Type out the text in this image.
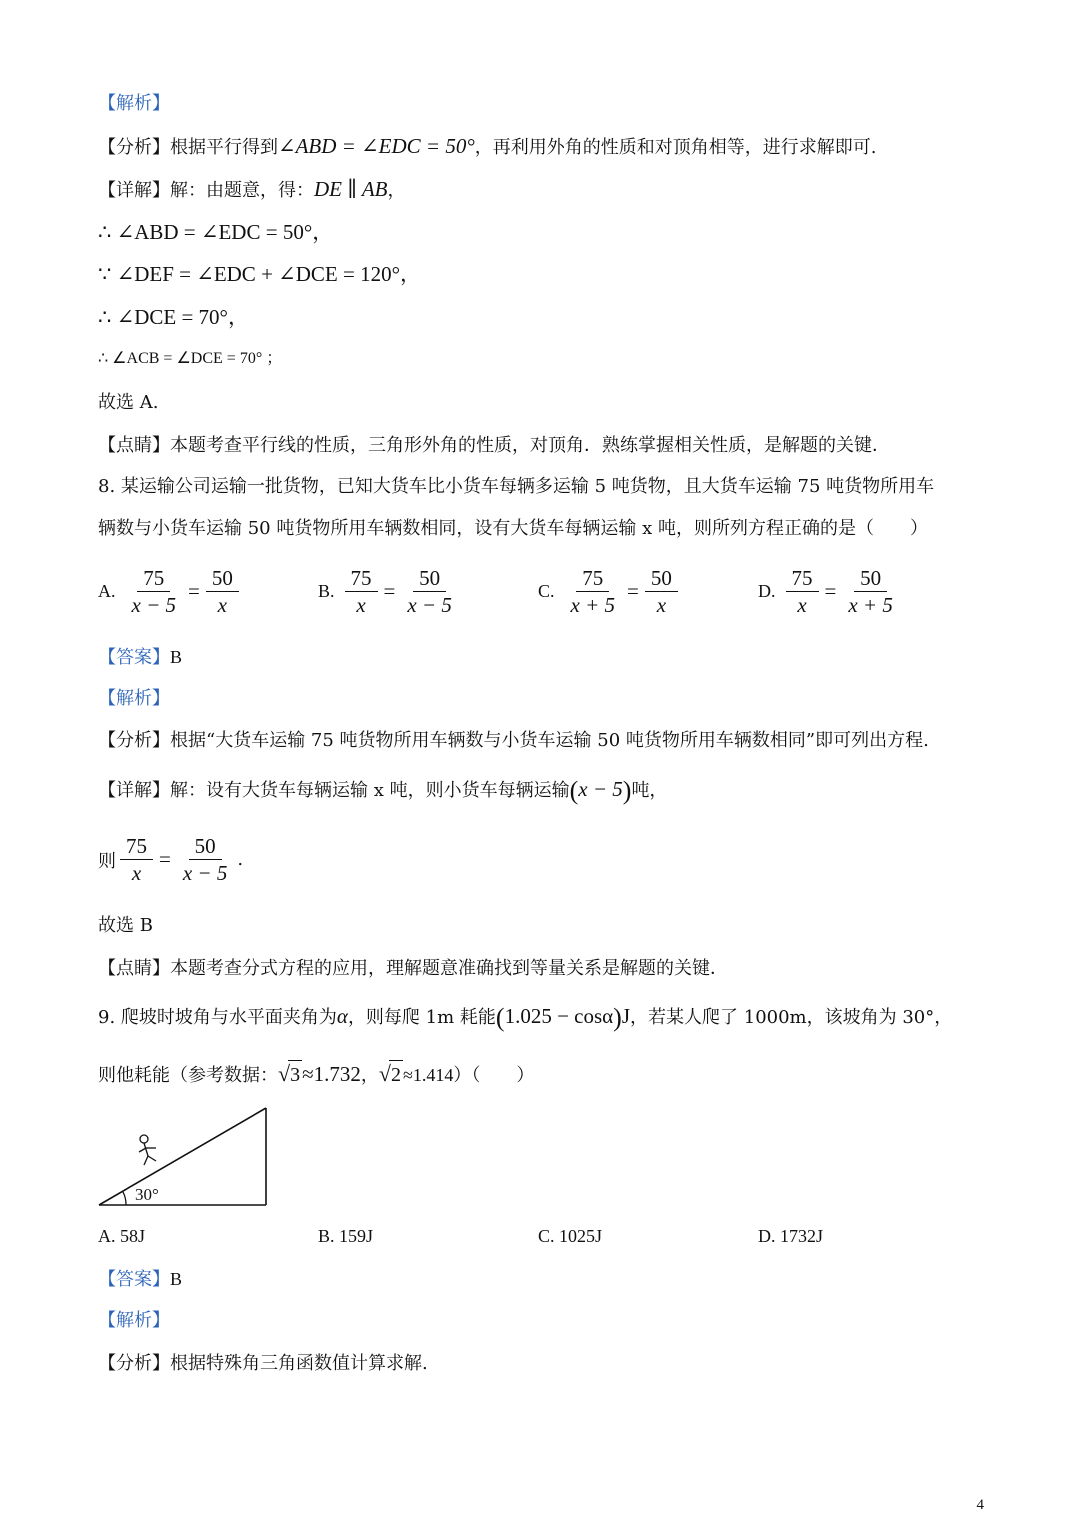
【解析】
【分析】根据平行得到∠ABD = ∠EDC = 50°，再利用外角的性质和对顶角相等，进行求解即可.
【详解】解：由题意，得：DE ∥ AB，
∴ ∠ABD = ∠EDC = 50°，
∵ ∠DEF = ∠EDC + ∠DCE = 120°，
∴ ∠DCE = 70°，
∴ ∠ACB = ∠DCE = 70° ；
故选 A.
【点睛】本题考查平行线的性质，三角形外角的性质，对顶角．熟练掌握相关性质，是解题的关键．
8. 某运输公司运输一批货物，已知大货车比小货车每辆多运输 5 吨货物，且大货车运输 75 吨货物所用车
辆数与小货车运输 50 吨货物所用车辆数相同，设有大货车每辆运输 x 吨，则所列方程正确的是（　　）
A. $\frac{75}{x - 5} = \frac{50}{x}$	B. $\frac{75}{x} = \frac{50}{x - 5}$	C. $\frac{75}{x + 5} = \frac{50}{x}$	D. $\frac{75}{x} = \frac{50}{x + 5}$
【答案】B
【解析】
【分析】根据“大货车运输 75 吨货物所用车辆数与小货车运输 50 吨货物所用车辆数相同”即可列出方程.
【详解】解：设有大货车每辆运输 x 吨，则小货车每辆运输(x − 5)吨，
则 $\frac{75}{x} = \frac{50}{x - 5}$ .
故选 B
【点睛】本题考查分式方程的应用，理解题意准确找到等量关系是解题的关键．
9. 爬坡时坡角与水平面夹角为α，则每爬 1m 耗能(1.025 − cosα)J，若某人爬了 1000m，该坡角为 30°，
则他耗能（参考数据：√3≈1.732，√2 ≈1.414）（　　）
30°
A. 58J	B. 159J	C. 1025J	D. 1732J
【答案】B
【解析】
【分析】根据特殊角三角函数值计算求解.
4
